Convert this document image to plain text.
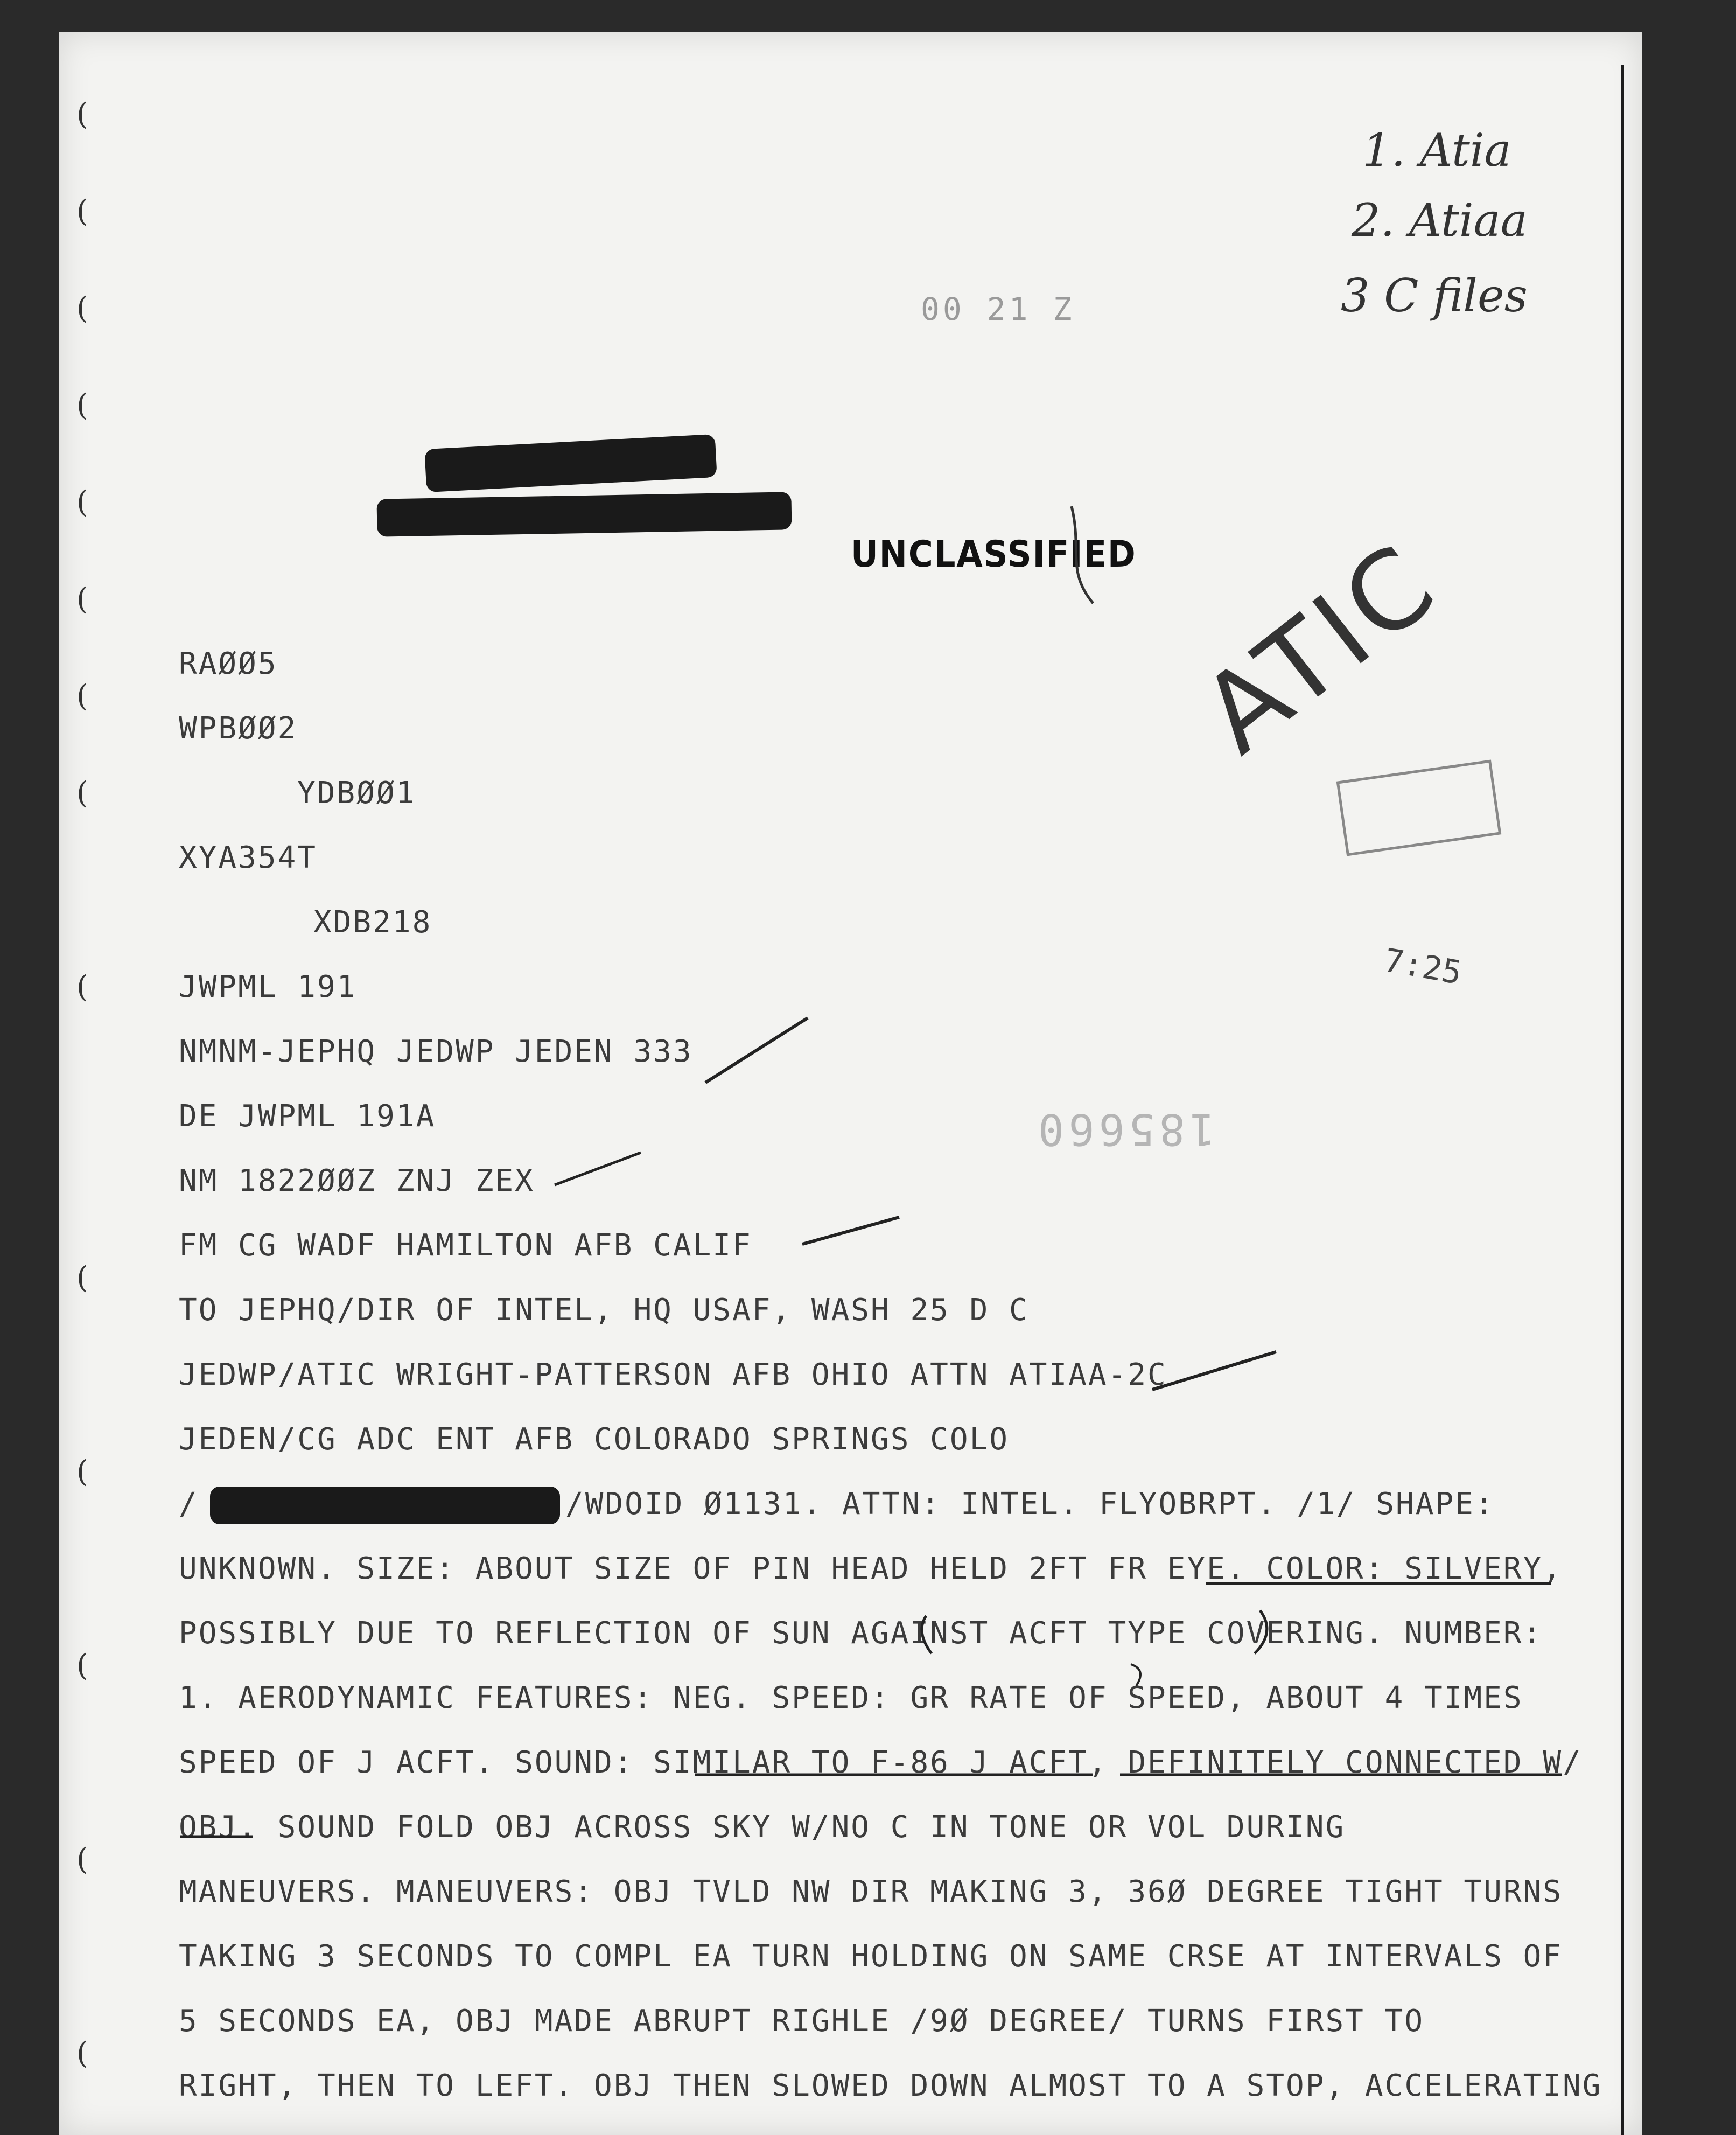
(
(
(
(
(
(
(
(
(
(
(
(
(
(
1. Atia
2. Atiaa
3 C files
00 21 Z
UNCLASSIFIED ATIC
7:25
185660
RAØØ5
WPBØØ2
YDBØØ1
XYA354T
XDB218
JWPML 191
NMNM-JEPHQ JEDWP JEDEN 333
DE JWPML 191A
NM 1822ØØZ ZNJ ZEX
FM CG WADF HAMILTON AFB CALIF
TO JEPHQ/DIR OF INTEL, HQ USAF, WASH 25 D C
JEDWP/ATIC WRIGHT-PATTERSON AFB OHIO ATTN ATIAA-2C
JEDEN/CG ADC ENT AFB COLORADO SPRINGS COLO
/	/WDOID Ø1131. ATTN: INTEL. FLYOBRPT. /1/ SHAPE:
UNKNOWN. SIZE: ABOUT SIZE OF PIN HEAD HELD 2FT FR EYE. COLOR: SILVERY,
POSSIBLY DUE TO REFLECTION OF SUN AGAINST ACFT TYPE COVERING. NUMBER:
1. AERODYNAMIC FEATURES: NEG. SPEED: GR RATE OF SPEED, ABOUT 4 TIMES
SPEED OF J ACFT. SOUND: SIMILAR TO F-86 J ACFT, DEFINITELY CONNECTED W/
OBJ. SOUND FOLD OBJ ACROSS SKY W/NO C IN TONE OR VOL DURING
MANEUVERS. MANEUVERS: OBJ TVLD NW DIR MAKING 3, 36Ø DEGREE TIGHT TURNS
TAKING 3 SECONDS TO COMPL EA TURN HOLDING ON SAME CRSE AT INTERVALS OF
5 SECONDS EA, OBJ MADE ABRUPT RIGHLE /9Ø DEGREE/ TURNS FIRST TO
RIGHT, THEN TO LEFT. OBJ THEN SLOWED DOWN ALMOST TO A STOP, ACCELERATING
